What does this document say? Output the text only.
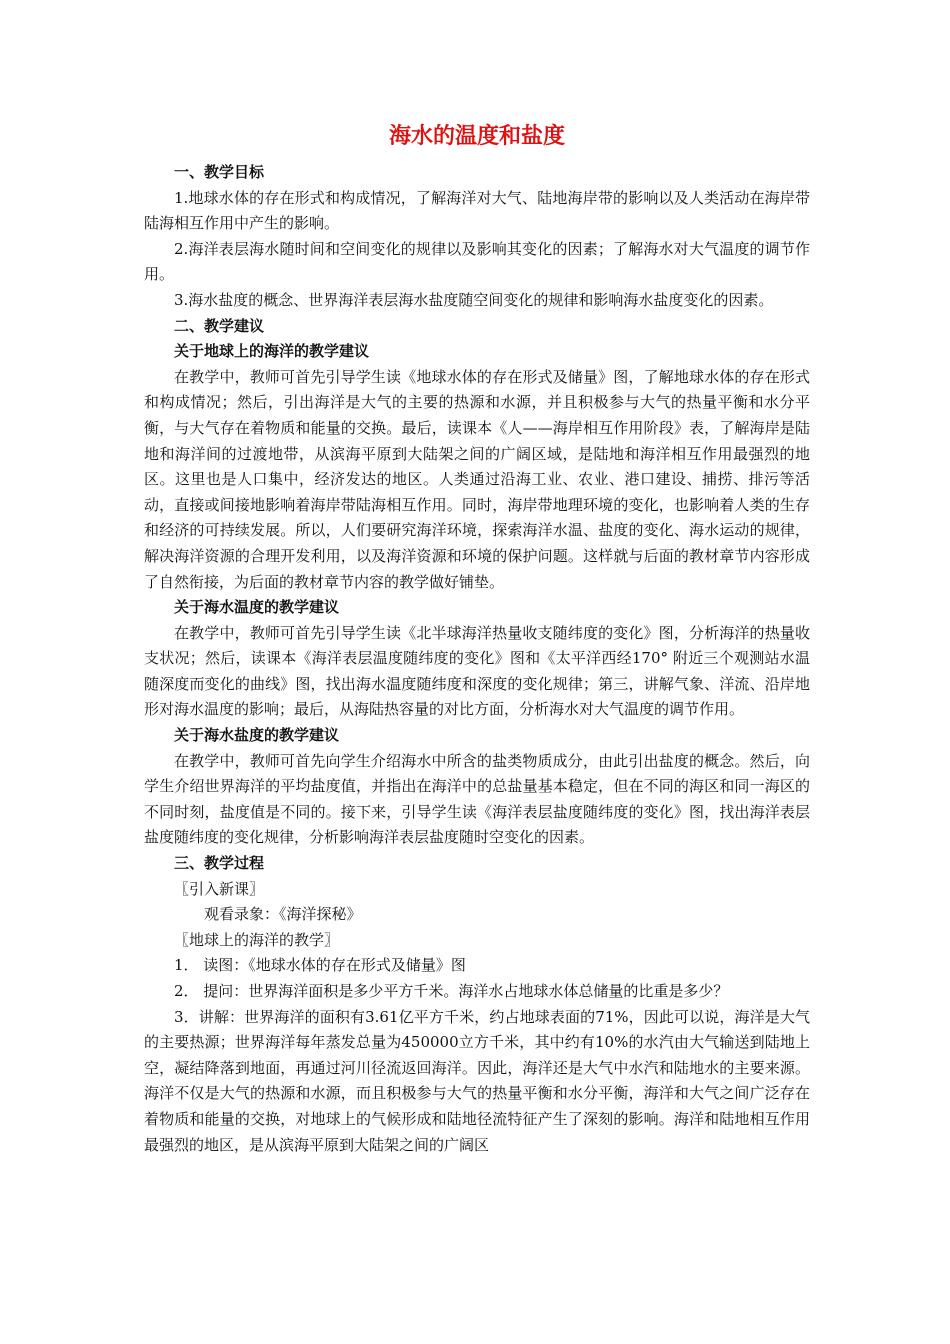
海水的温度和盐度

一、教学目标

1.地球水体的存在形式和构成情况，了解海洋对大气、陆地海岸带的影响以及人类活动在海岸带陆海相互作用中产生的影响。

2.海洋表层海水随时间和空间变化的规律以及影响其变化的因素；了解海水对大气温度的调节作用。

3.海水盐度的概念、世界海洋表层海水盐度随空间变化的规律和影响海水盐度变化的因素。

二、教学建议

关于地球上的海洋的教学建议

在教学中，教师可首先引导学生读《地球水体的存在形式及储量》图，了解地球水体的存在形式和构成情况；然后，引出海洋是大气的主要的热源和水源，并且积极参与大气的热量平衡和水分平衡，与大气存在着物质和能量的交换。最后，读课本《人——海岸相互作用阶段》表，了解海岸是陆地和海洋间的过渡地带，从滨海平原到大陆架之间的广阔区域，是陆地和海洋相互作用最强烈的地区。这里也是人口集中，经济发达的地区。人类通过沿海工业、农业、港口建设、捕捞、排污等活动，直接或间接地影响着海岸带陆海相互作用。同时，海岸带地理环境的变化，也影响着人类的生存和经济的可持续发展。所以，人们要研究海洋环境，探索海洋水温、盐度的变化、海水运动的规律，解决海洋资源的合理开发利用，以及海洋资源和环境的保护问题。这样就与后面的教材章节内容形成了自然衔接，为后面的教材章节内容的教学做好铺垫。

关于海水温度的教学建议

在教学中，教师可首先引导学生读《北半球海洋热量收支随纬度的变化》图，分析海洋的热量收支状况；然后，读课本《海洋表层温度随纬度的变化》图和《太平洋西经170° 附近三个观测站水温随深度而变化的曲线》图，找出海水温度随纬度和深度的变化规律；第三，讲解气象、洋流、沿岸地形对海水温度的影响；最后，从海陆热容量的对比方面，分析海水对大气温度的调节作用。

关于海水盐度的教学建议

在教学中，教师可首先向学生介绍海水中所含的盐类物质成分，由此引出盐度的概念。然后，向学生介绍世界海洋的平均盐度值，并指出在海洋中的总盐量基本稳定，但在不同的海区和同一海区的不同时刻，盐度值是不同的。接下来，引导学生读《海洋表层盐度随纬度的变化》图，找出海洋表层盐度随纬度的变化规律，分析影响海洋表层盐度随时空变化的因素。

三、教学过程

〖引入新课〗

观看录象：《海洋探秘》

〖地球上的海洋的教学〗

1． 读图：《地球水体的存在形式及储量》图

2． 提问：世界海洋面积是多少平方千米。海洋水占地球水体总储量的比重是多少？

3．讲解：世界海洋的面积有3.61亿平方千米，约占地球表面的71%，因此可以说，海洋是大气的主要热源；世界海洋每年蒸发总量为450000立方千米，其中约有10%的水汽由大气输送到陆地上空，凝结降落到地面，再通过河川径流返回海洋。因此，海洋还是大气中水汽和陆地水的主要来源。海洋不仅是大气的热源和水源，而且积极参与大气的热量平衡和水分平衡，海洋和大气之间广泛存在着物质和能量的交换，对地球上的气候形成和陆地径流特征产生了深刻的影响。海洋和陆地相互作用最强烈的地区，是从滨海平原到大陆架之间的广阔区
